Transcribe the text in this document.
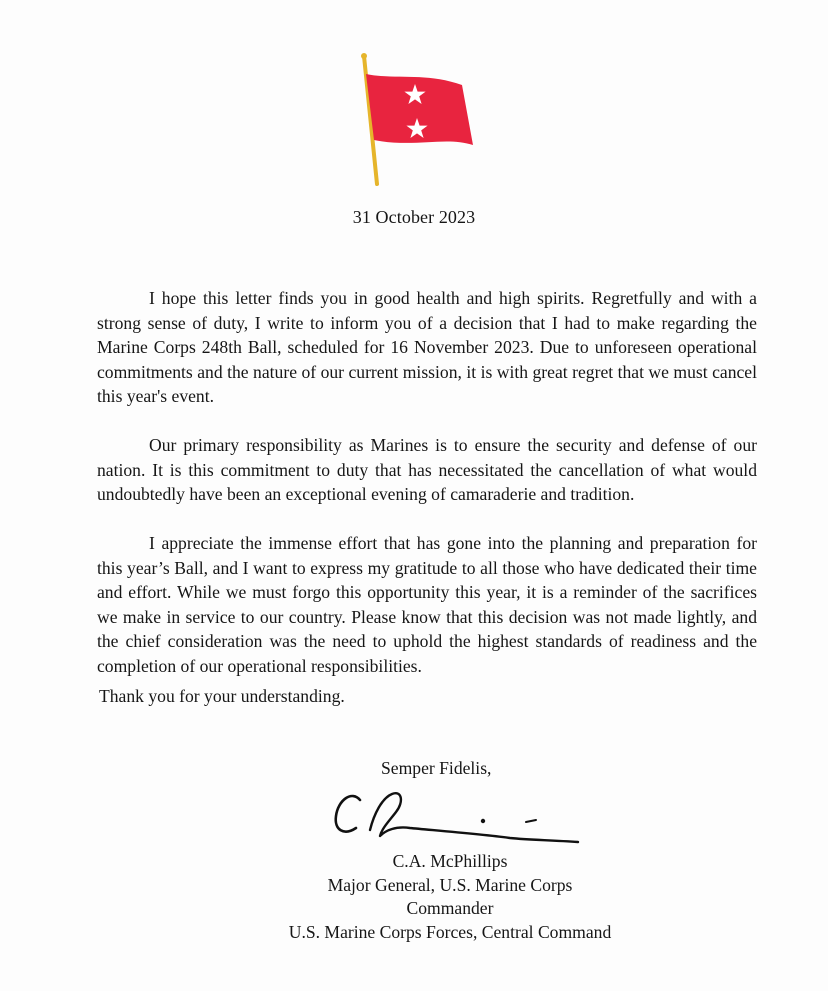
31 October 2023

I hope this letter finds you in good health and high spirits. Regretfully and with a strong sense of duty, I write to inform you of a decision that I had to make regarding the Marine Corps 248th Ball, scheduled for 16 November 2023. Due to unforeseen operational commitments and the nature of our current mission, it is with great regret that we must cancel this year's event.

Our primary responsibility as Marines is to ensure the security and defense of our nation. It is this commitment to duty that has necessitated the cancellation of what would undoubtedly have been an exceptional evening of camaraderie and tradition.

I appreciate the immense effort that has gone into the planning and preparation for this year’s Ball, and I want to express my gratitude to all those who have dedicated their time and effort. While we must forgo this opportunity this year, it is a reminder of the sacrifices we make in service to our country. Please know that this decision was not made lightly, and the chief consideration was the need to uphold the highest standards of readiness and the completion of our operational responsibilities.

Thank you for your understanding.
Semper Fidelis,
C.A. McPhillips
Major General, U.S. Marine Corps
Commander
U.S. Marine Corps Forces, Central Command
